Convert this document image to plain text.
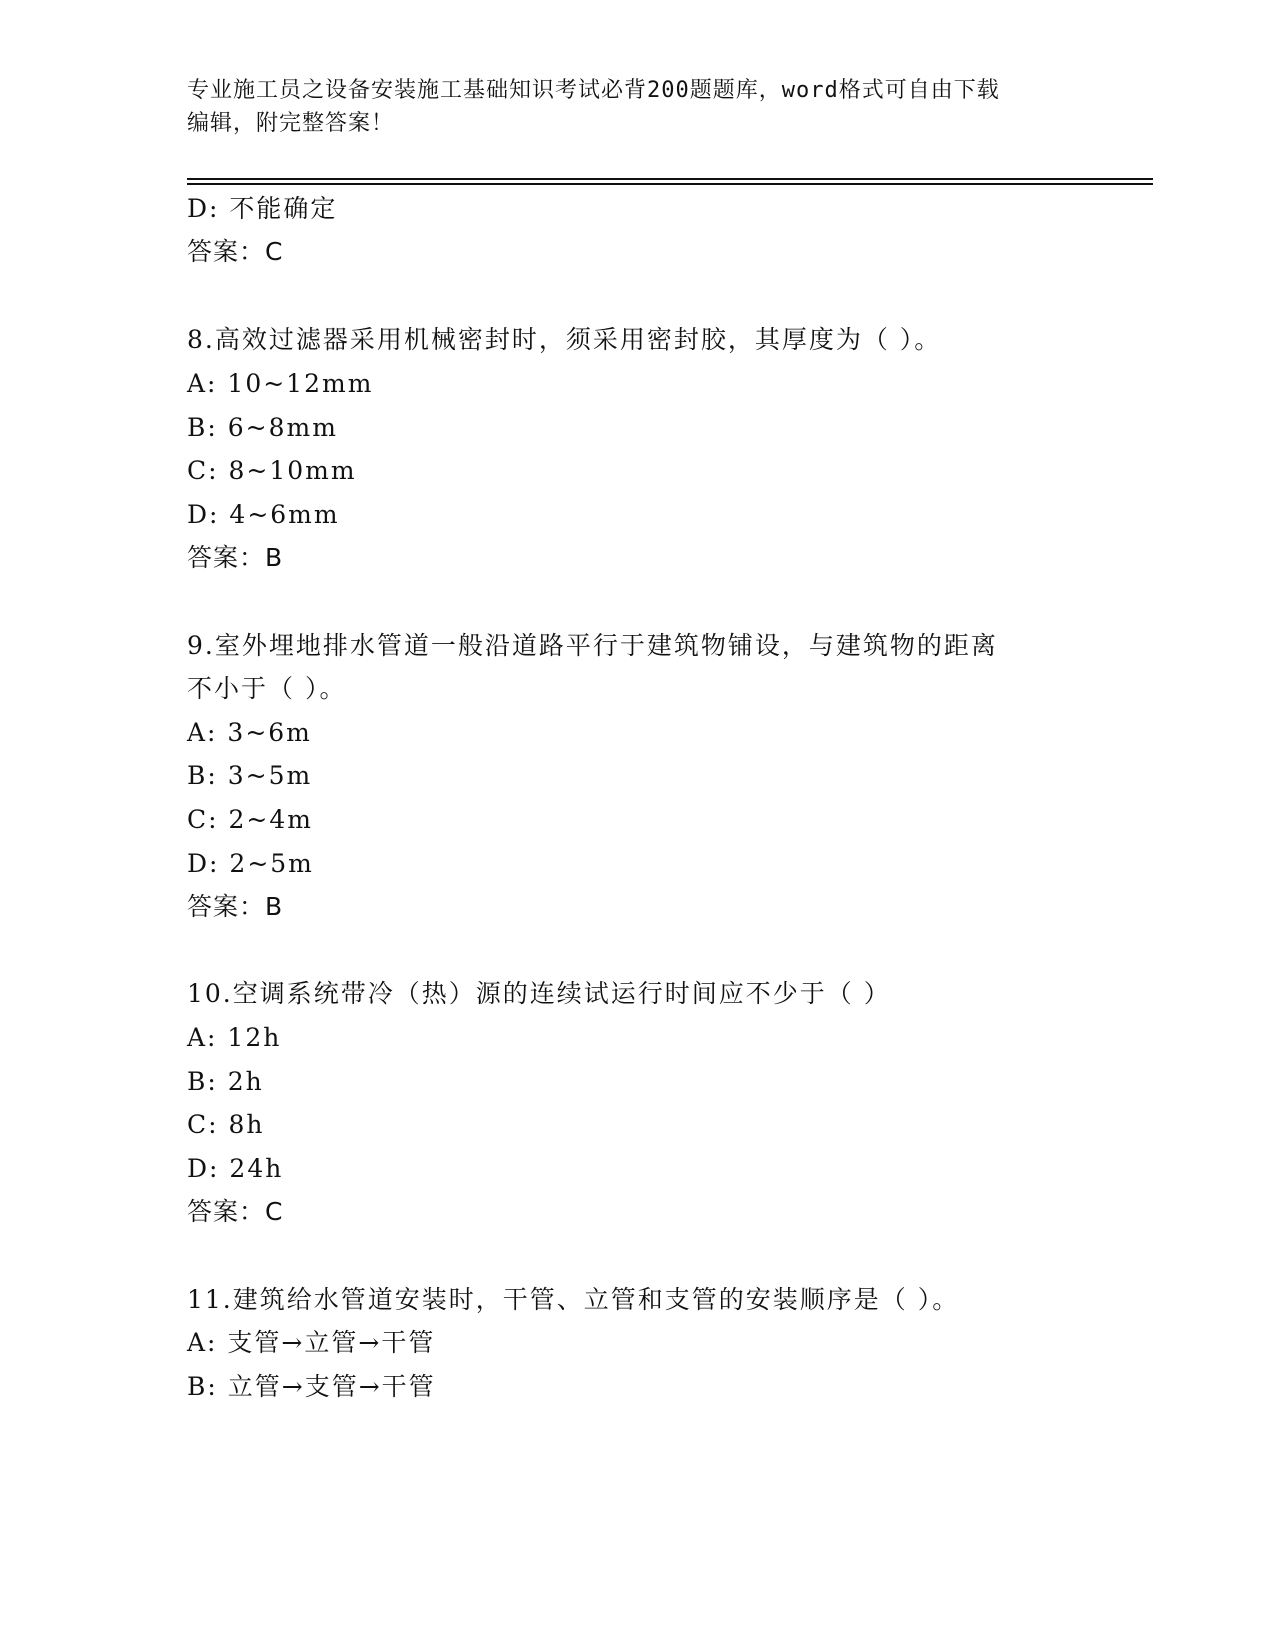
专业施工员之设备安装施工基础知识考试必背200题题库，word格式可自由下载
编辑，附完整答案！
D: 不能确定
答案：C
8.高效过滤器采用机械密封时，须采用密封胶，其厚度为（ ）。
A: 10~12mm
B: 6~8mm
C: 8~10mm
D: 4~6mm
答案：B
9.室外埋地排水管道一般沿道路平行于建筑物铺设，与建筑物的距离
不小于（ ）。
A: 3~6m
B: 3~5m
C: 2~4m
D: 2~5m
答案：B
10.空调系统带冷（热）源的连续试运行时间应不少于（ ）
A: 12h
B: 2h
C: 8h
D: 24h
答案：C
11.建筑给水管道安装时，干管、立管和支管的安装顺序是（ ）。
A: 支管→立管→干管
B: 立管→支管→干管
